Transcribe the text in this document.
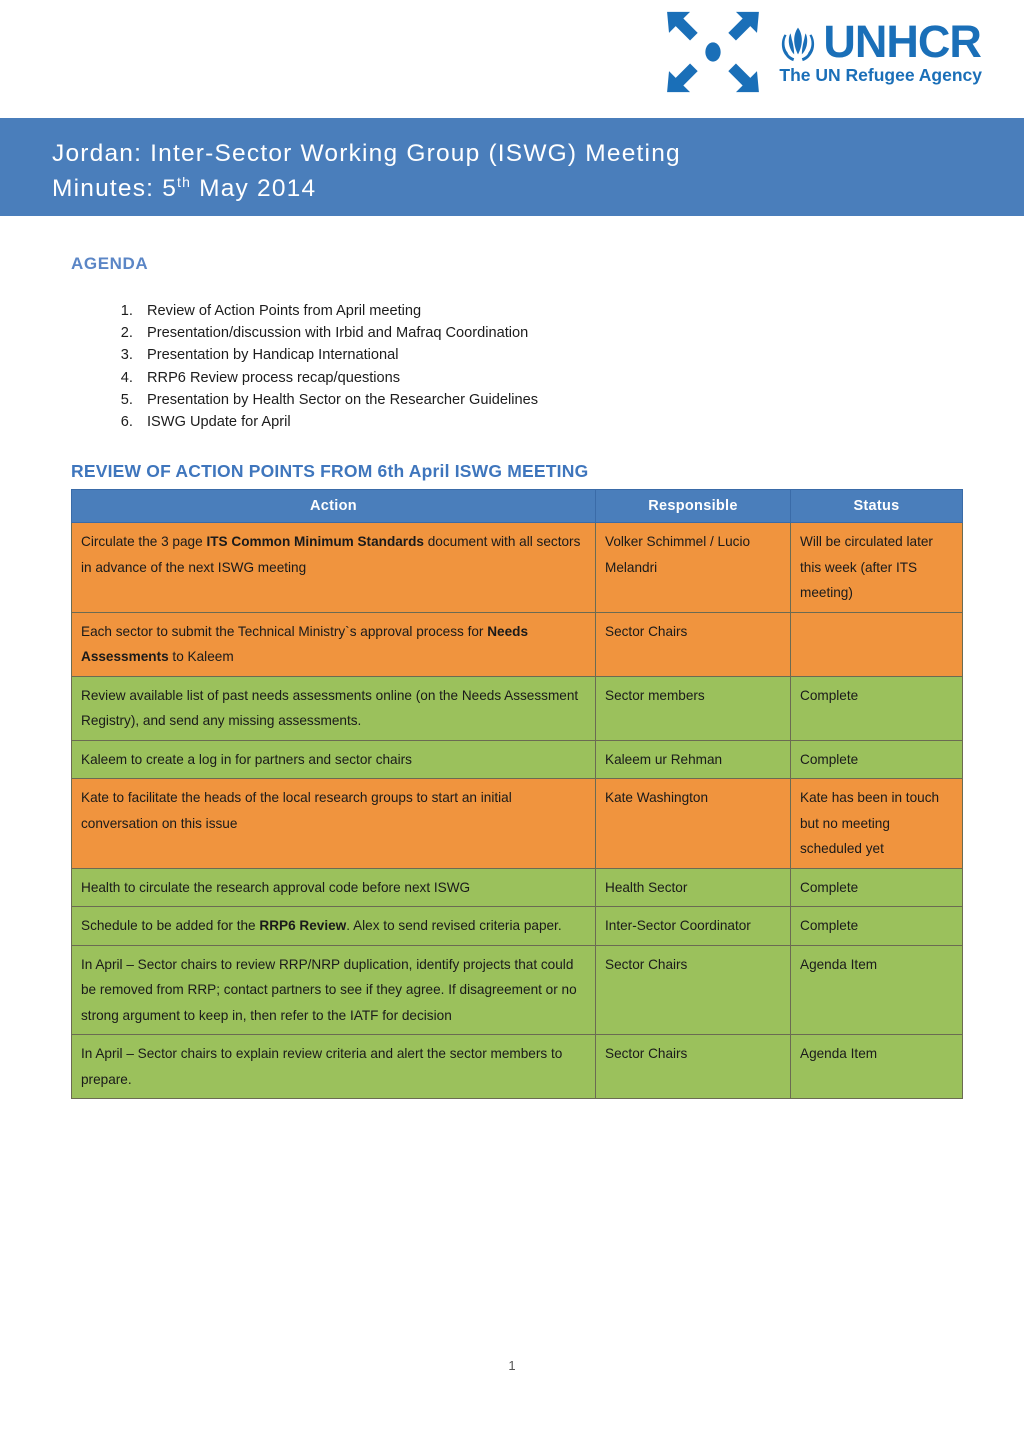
UNHCR
The UN Refugee Agency
Jordan: Inter-Sector Working Group (ISWG) Meeting
Minutes: 5th May 2014
AGENDA
1. Review of Action Points from April meeting
2. Presentation/discussion with Irbid and Mafraq Coordination
3. Presentation by Handicap International
4. RRP6 Review process recap/questions
5. Presentation by Health Sector on the Researcher Guidelines
6. ISWG Update for April
REVIEW OF ACTION POINTS FROM 6th April ISWG MEETING
Action	Responsible	Status
Circulate the 3 page ITS Common Minimum Standards document with all sectors in advance of the next ISWG meeting	Volker Schimmel / Lucio Melandri	Will be circulated later this week (after ITS meeting)
Each sector to submit the Technical Ministry`s approval process for Needs Assessments to Kaleem	Sector Chairs	
Review available list of past needs assessments online (on the Needs Assessment Registry), and send any missing assessments.	Sector members	Complete
Kaleem to create a log in for partners and sector chairs	Kaleem ur Rehman	Complete
Kate to facilitate the heads of the local research groups to start an initial conversation on this issue	Kate Washington	Kate has been in touch but no meeting scheduled yet
Health to circulate the research approval code before next ISWG	Health Sector	Complete
Schedule to be added for the RRP6 Review. Alex to send revised criteria paper.	Inter-Sector Coordinator	Complete
In April – Sector chairs to review RRP/NRP duplication, identify projects that could be removed from RRP; contact partners to see if they agree. If disagreement or no strong argument to keep in, then refer to the IATF for decision	Sector Chairs	Agenda Item
In April – Sector chairs to explain review criteria and alert the sector members to prepare.	Sector Chairs	Agenda Item
1
